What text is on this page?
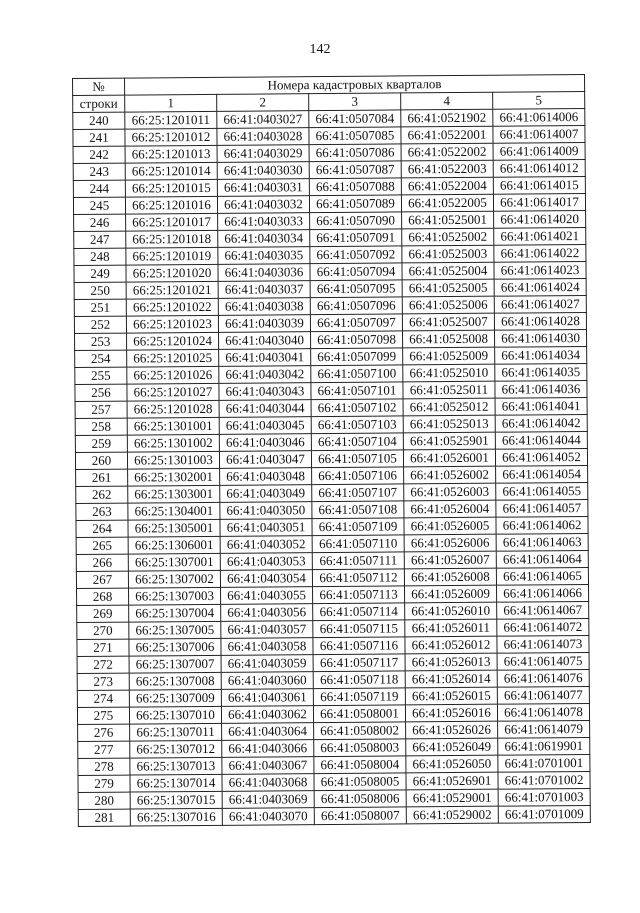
142
№	Номера кадастровых кварталов				
строки	1	2	3	4	5
240	66:25:1201011	66:41:0403027	66:41:0507084	66:41:0521902	66:41:0614006
241	66:25:1201012	66:41:0403028	66:41:0507085	66:41:0522001	66:41:0614007
242	66:25:1201013	66:41:0403029	66:41:0507086	66:41:0522002	66:41:0614009
243	66:25:1201014	66:41:0403030	66:41:0507087	66:41:0522003	66:41:0614012
244	66:25:1201015	66:41:0403031	66:41:0507088	66:41:0522004	66:41:0614015
245	66:25:1201016	66:41:0403032	66:41:0507089	66:41:0522005	66:41:0614017
246	66:25:1201017	66:41:0403033	66:41:0507090	66:41:0525001	66:41:0614020
247	66:25:1201018	66:41:0403034	66:41:0507091	66:41:0525002	66:41:0614021
248	66:25:1201019	66:41:0403035	66:41:0507092	66:41:0525003	66:41:0614022
249	66:25:1201020	66:41:0403036	66:41:0507094	66:41:0525004	66:41:0614023
250	66:25:1201021	66:41:0403037	66:41:0507095	66:41:0525005	66:41:0614024
251	66:25:1201022	66:41:0403038	66:41:0507096	66:41:0525006	66:41:0614027
252	66:25:1201023	66:41:0403039	66:41:0507097	66:41:0525007	66:41:0614028
253	66:25:1201024	66:41:0403040	66:41:0507098	66:41:0525008	66:41:0614030
254	66:25:1201025	66:41:0403041	66:41:0507099	66:41:0525009	66:41:0614034
255	66:25:1201026	66:41:0403042	66:41:0507100	66:41:0525010	66:41:0614035
256	66:25:1201027	66:41:0403043	66:41:0507101	66:41:0525011	66:41:0614036
257	66:25:1201028	66:41:0403044	66:41:0507102	66:41:0525012	66:41:0614041
258	66:25:1301001	66:41:0403045	66:41:0507103	66:41:0525013	66:41:0614042
259	66:25:1301002	66:41:0403046	66:41:0507104	66:41:0525901	66:41:0614044
260	66:25:1301003	66:41:0403047	66:41:0507105	66:41:0526001	66:41:0614052
261	66:25:1302001	66:41:0403048	66:41:0507106	66:41:0526002	66:41:0614054
262	66:25:1303001	66:41:0403049	66:41:0507107	66:41:0526003	66:41:0614055
263	66:25:1304001	66:41:0403050	66:41:0507108	66:41:0526004	66:41:0614057
264	66:25:1305001	66:41:0403051	66:41:0507109	66:41:0526005	66:41:0614062
265	66:25:1306001	66:41:0403052	66:41:0507110	66:41:0526006	66:41:0614063
266	66:25:1307001	66:41:0403053	66:41:0507111	66:41:0526007	66:41:0614064
267	66:25:1307002	66:41:0403054	66:41:0507112	66:41:0526008	66:41:0614065
268	66:25:1307003	66:41:0403055	66:41:0507113	66:41:0526009	66:41:0614066
269	66:25:1307004	66:41:0403056	66:41:0507114	66:41:0526010	66:41:0614067
270	66:25:1307005	66:41:0403057	66:41:0507115	66:41:0526011	66:41:0614072
271	66:25:1307006	66:41:0403058	66:41:0507116	66:41:0526012	66:41:0614073
272	66:25:1307007	66:41:0403059	66:41:0507117	66:41:0526013	66:41:0614075
273	66:25:1307008	66:41:0403060	66:41:0507118	66:41:0526014	66:41:0614076
274	66:25:1307009	66:41:0403061	66:41:0507119	66:41:0526015	66:41:0614077
275	66:25:1307010	66:41:0403062	66:41:0508001	66:41:0526016	66:41:0614078
276	66:25:1307011	66:41:0403064	66:41:0508002	66:41:0526026	66:41:0614079
277	66:25:1307012	66:41:0403066	66:41:0508003	66:41:0526049	66:41:0619901
278	66:25:1307013	66:41:0403067	66:41:0508004	66:41:0526050	66:41:0701001
279	66:25:1307014	66:41:0403068	66:41:0508005	66:41:0526901	66:41:0701002
280	66:25:1307015	66:41:0403069	66:41:0508006	66:41:0529001	66:41:0701003
281	66:25:1307016	66:41:0403070	66:41:0508007	66:41:0529002	66:41:0701009
